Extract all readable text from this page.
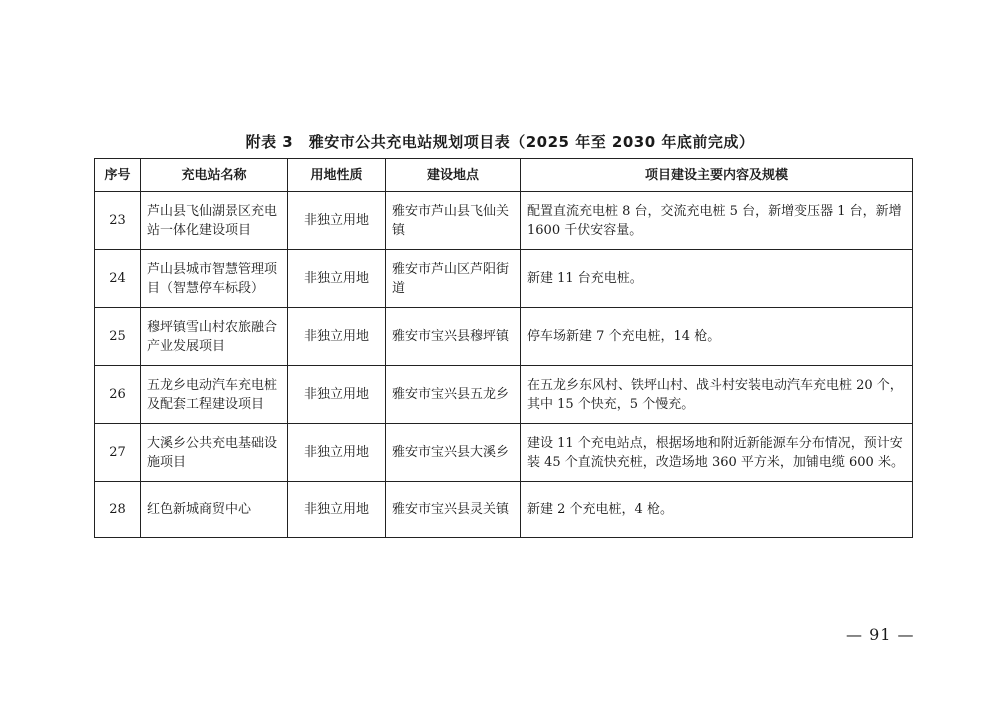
附表 3　雅安市公共充电站规划项目表（2025 年至 2030 年底前完成）
序号	充电站名称	用地性质	建设地点	项目建设主要内容及规模
23	芦山县飞仙湖景区充电站一体化建设项目	非独立用地	雅安市芦山县飞仙关镇	配置直流充电桩 8 台，交流充电桩 5 台，新增变压器 1 台，新增 1600 千伏安容量。
24	芦山县城市智慧管理项目（智慧停车标段）	非独立用地	雅安市芦山区芦阳街道	新建 11 台充电桩。
25	穆坪镇雪山村农旅融合产业发展项目	非独立用地	雅安市宝兴县穆坪镇	停车场新建 7 个充电桩，14 枪。
26	五龙乡电动汽车充电桩及配套工程建设项目	非独立用地	雅安市宝兴县五龙乡	在五龙乡东风村、铁坪山村、战斗村安装电动汽车充电桩 20 个，其中 15 个快充，5 个慢充。
27	大溪乡公共充电基础设施项目	非独立用地	雅安市宝兴县大溪乡	建设 11 个充电站点，根据场地和附近新能源车分布情况，预计安装 45 个直流快充桩，改造场地 360 平方米，加铺电缆 600 米。
28	红色新城商贸中心	非独立用地	雅安市宝兴县灵关镇	新建 2 个充电桩，4 枪。
— 91 —
